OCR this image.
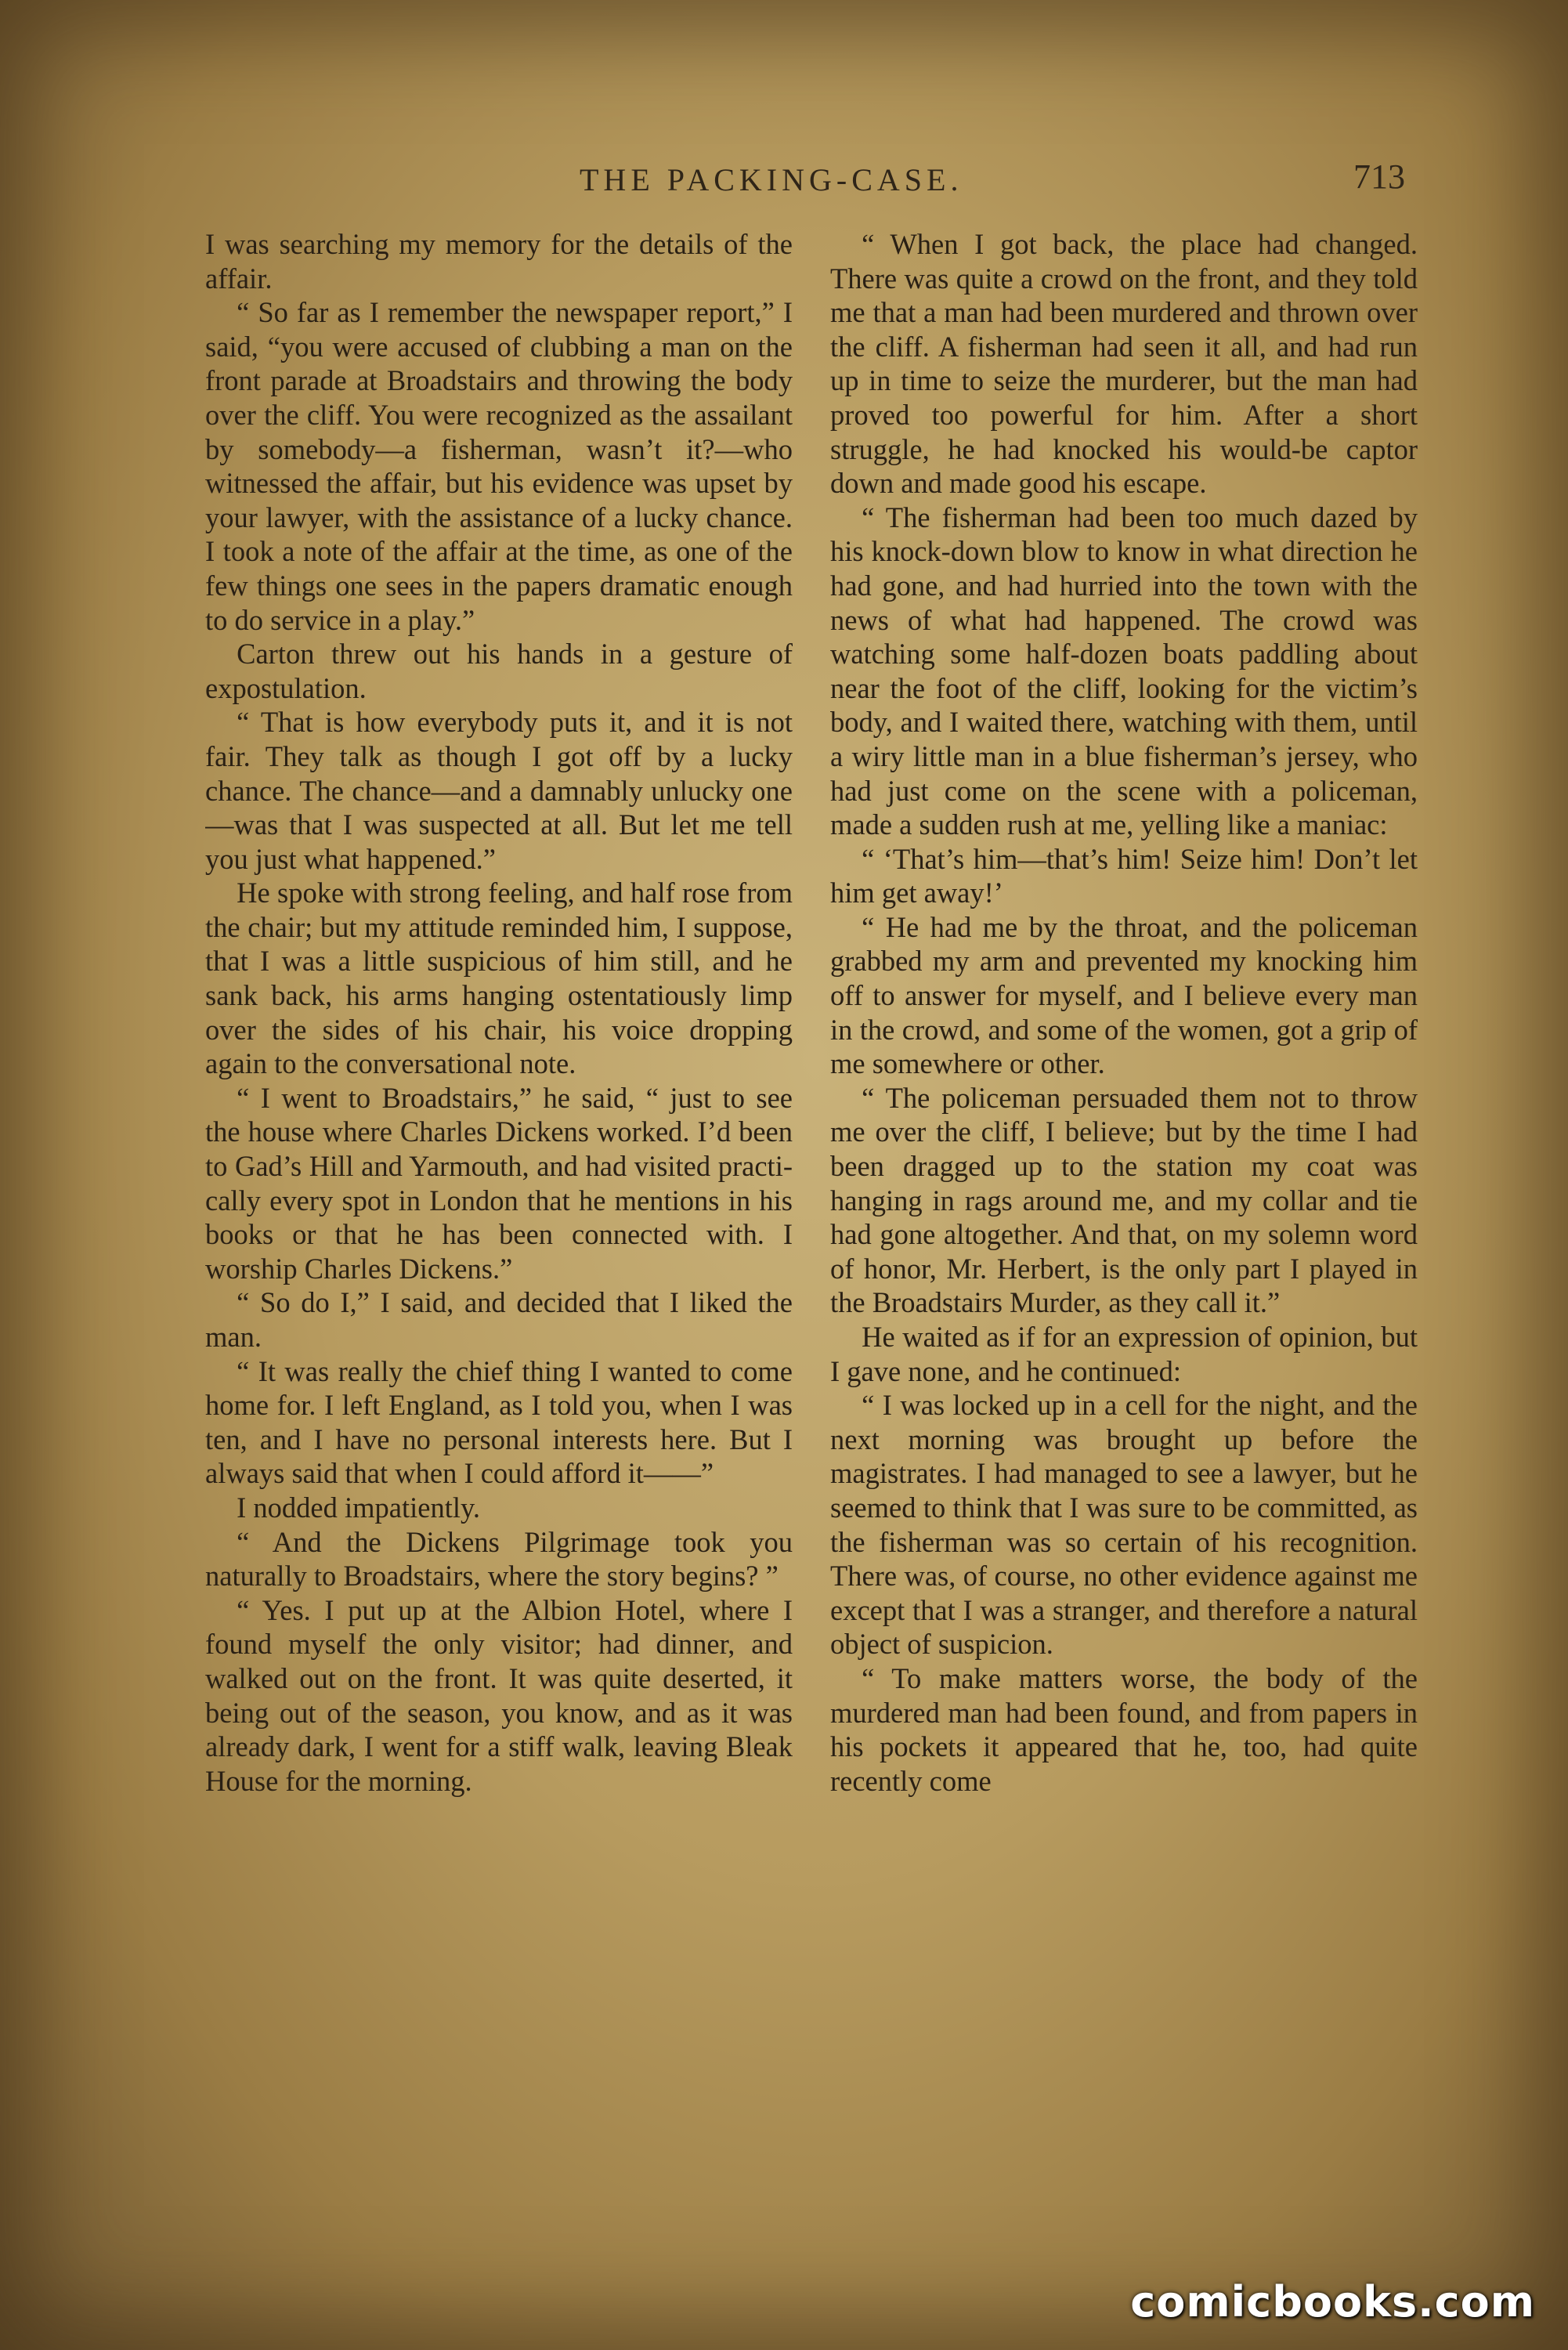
THE PACKING-CASE.	713

I was searching my memory for the details of the affair.

“ So far as I remember the newspaper report,” I said, “you were accused of clubbing a man on the front parade at Broadstairs and throwing the body over the cliff. You were recognized as the assailant by somebody—a fisherman, wasn’t it?—who witnessed the affair, but his evidence was upset by your lawyer, with the assistance of a lucky chance. I took a note of the affair at the time, as one of the few things one sees in the papers dramatic enough to do service in a play.”

Carton threw out his hands in a gesture of expostulation.

“ That is how everybody puts it, and it is not fair. They talk as though I got off by a lucky chance. The chance—and a damnably unlucky one—was that I was suspected at all. But let me tell you just what happened.”

He spoke with strong feeling, and half rose from the chair; but my attitude reminded him, I suppose, that I was a little suspicious of him still, and he sank back, his arms hanging ostentatiously limp over the sides of his chair, his voice dropping again to the conversational note.

“ I went to Broadstairs,” he said, “ just to see the house where Charles Dickens worked. I’d been to Gad’s Hill and Yarmouth, and had visited practically every spot in London that he mentions in his books or that he has been connected with. I worship Charles Dickens.”

“ So do I,” I said, and decided that I liked the man.

“ It was really the chief thing I wanted to come home for. I left England, as I told you, when I was ten, and I have no personal interests here. But I always said that when I could afford it——”

I nodded impatiently.

“ And the Dickens Pilgrimage took you naturally to Broadstairs, where the story begins? ”

“ Yes. I put up at the Albion Hotel, where I found myself the only visitor; had dinner, and walked out on the front. It was quite deserted, it being out of the season, you know, and as it was already dark, I went for a stiff walk, leaving Bleak House for the morning.

“ When I got back, the place had changed. There was quite a crowd on the front, and they told me that a man had been murdered and thrown over the cliff. A fisherman had seen it all, and had run up in time to seize the murderer, but the man had proved too powerful for him. After a short struggle, he had knocked his would-be captor down and made good his escape.

“ The fisherman had been too much dazed by his knock-down blow to know in what direction he had gone, and had hurried into the town with the news of what had happened. The crowd was watching some half-dozen boats paddling about near the foot of the cliff, looking for the victim’s body, and I waited there, watching with them, until a wiry little man in a blue fisherman’s jersey, who had just come on the scene with a policeman, made a sudden rush at me, yelling like a maniac:

“ ‘That’s him—that’s him! Seize him! Don’t let him get away!’

“ He had me by the throat, and the policeman grabbed my arm and prevented my knocking him off to answer for myself, and I believe every man in the crowd, and some of the women, got a grip of me somewhere or other.

“ The policeman persuaded them not to throw me over the cliff, I believe; but by the time I had been dragged up to the station my coat was hanging in rags around me, and my collar and tie had gone altogether. And that, on my solemn word of honor, Mr. Herbert, is the only part I played in the Broadstairs Murder, as they call it.”

He waited as if for an expression of opinion, but I gave none, and he continued:

“ I was locked up in a cell for the night, and the next morning was brought up before the magistrates. I had managed to see a lawyer, but he seemed to think that I was sure to be committed, as the fisherman was so certain of his recognition. There was, of course, no other evidence against me except that I was a stranger, and therefore a natural object of suspicion.

“ To make matters worse, the body of the murdered man had been found, and from papers in his pockets it appeared that he, too, had quite recently come

comicbooks.com
